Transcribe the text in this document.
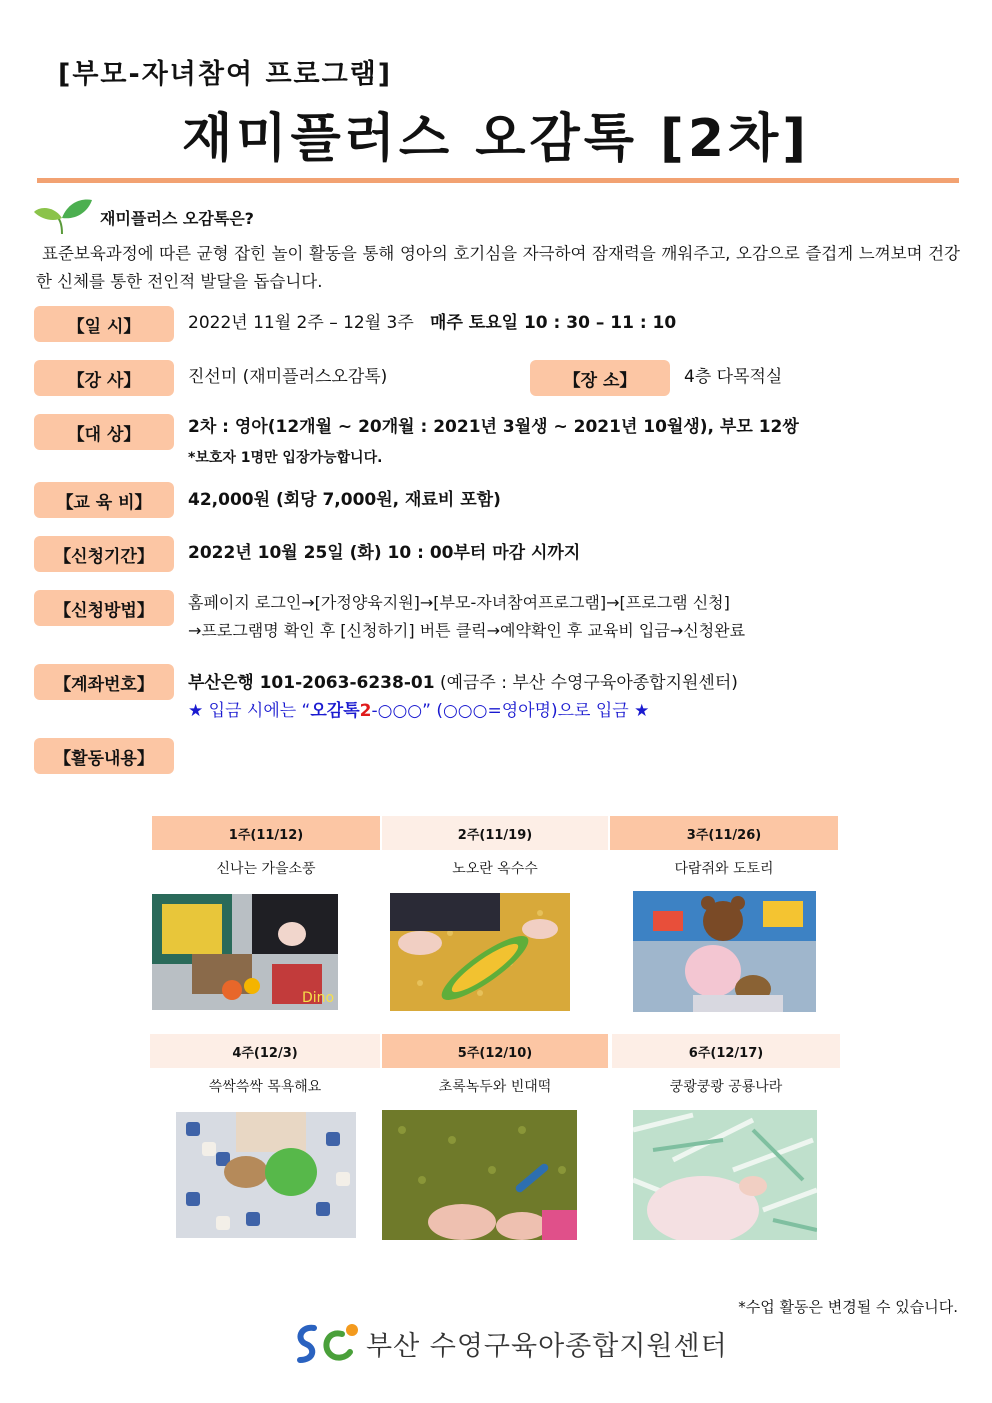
[부모-자녀참여 프로그램]
재미플러스 오감톡 [2차]
재미플러스 오감톡은?
표준보육과정에 따른 균형 잡힌 놀이 활동을 통해 영아의 호기심을 자극하여 잠재력을 깨워주고, 오감으로 즐겁게 느껴보며 건강한 신체를 통한 전인적 발달을 돕습니다.
【일 시】	2022년 11월 2주 – 12월 3주 매주 토요일 10 : 30 – 11 : 10
【강 사】	진선미 (재미플러스오감톡)	【장 소】	4층 다목적실
【대 상】	2차 : 영아(12개월 ~ 20개월 : 2021년 3월생 ~ 2021년 10월생), 부모 12쌍
*보호자 1명만 입장가능합니다.
【교 육 비】	42,000원 (회당 7,000원, 재료비 포함)
【신청기간】	2022년 10월 25일 (화) 10 : 00부터 마감 시까지
【신청방법】	홈페이지 로그인→[가정양육지원]→[부모-자녀참여프로그램]→[프로그램 신청]
→프로그램명 확인 후 [신청하기] 버튼 클릭→예약확인 후 교육비 입금→신청완료
【계좌번호】	부산은행 101-2063-6238-01 (예금주 : 부산 수영구육아종합지원센터)
★ 입금 시에는 “오감톡2-○○○” (○○○=영아명)으로 입금 ★
【활동내용】
1주(11/12)	2주(11/19)	3주(11/26)
신나는 가을소풍	노오란 옥수수	다람쥐와 도토리
Dino
4주(12/3)	5주(12/10)	6주(12/17)
쓱싹쓱싹 목욕해요	초록녹두와 빈대떡	쿵쾅쿵쾅 공룡나라
*수업 활동은 변경될 수 있습니다.
부산 수영구육아종합지원센터
